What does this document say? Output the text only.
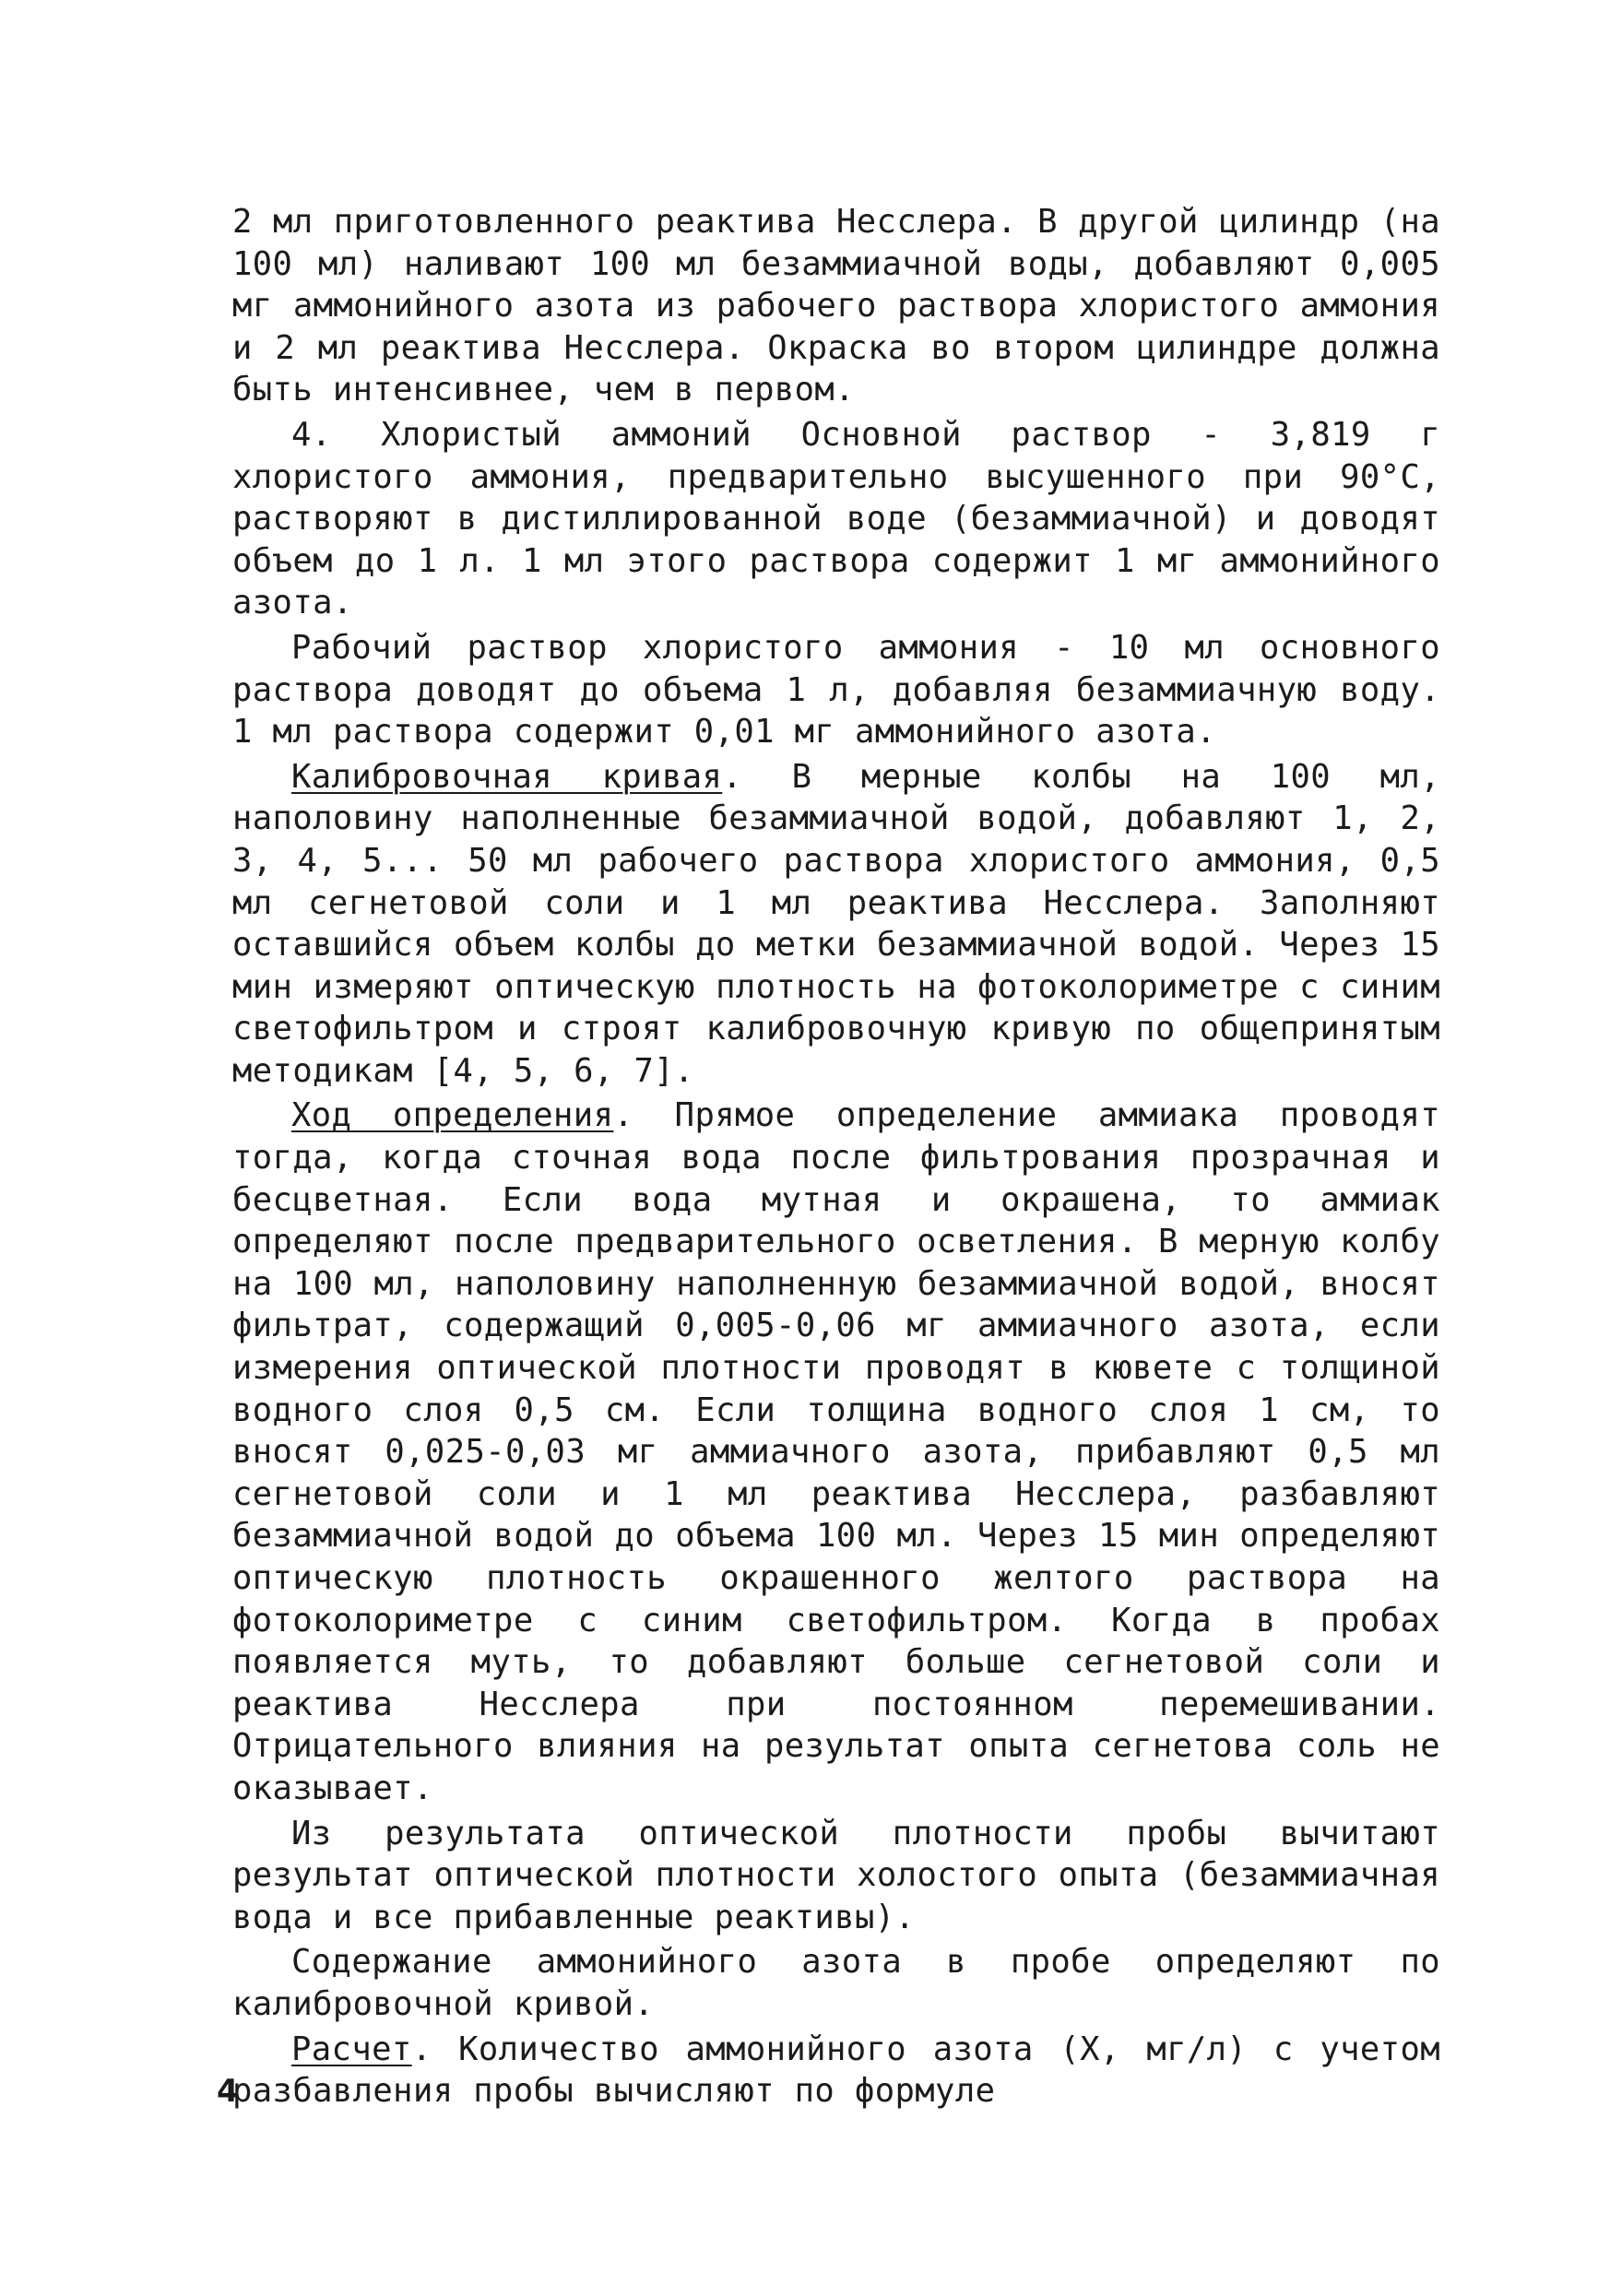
2 мл приготовленного реактива Несслера. В другой цилиндр (на 100 мл) наливают 100 мл безаммиачной воды, добавляют 0,005 мг аммонийного азота из рабочего раствора хлористого аммония и 2 мл реактива Несслера. Окраска во втором цилиндре должна быть интенсивнее, чем в первом.

4. Хлористый аммоний Основной раствор - 3,819 г хлористого аммония, предварительно высушенного при 90°С, растворяют в дистиллированной воде (безаммиачной) и доводят объем до 1 л. 1 мл этого раствора содержит 1 мг аммонийного азота.

Рабочий раствор хлористого аммония - 10 мл основного раствора доводят до объема 1 л, добавляя безаммиачную воду. 1 мл раствора содержит 0,01 мг аммонийного азота.

Калибровочная кривая. В мерные колбы на 100 мл, наполовину наполненные безаммиачной водой, добавляют 1, 2, 3, 4, 5... 50 мл рабочего раствора хлористого аммония, 0,5 мл сегнетовой соли и 1 мл реактива Несслера. Заполняют оставшийся объем колбы до метки безаммиачной водой. Через 15 мин измеряют оптическую плотность на фотоколориметре с синим светофильтром и строят калибровочную кривую по общепринятым методикам [4, 5, 6, 7].

Ход определения. Прямое определение аммиака проводят тогда, когда сточная вода после фильтрования прозрачная и бесцветная. Если вода мутная и окрашена, то аммиак определяют после предварительного осветления. В мерную колбу на 100 мл, наполовину наполненную безаммиачной водой, вносят фильтрат, содержащий 0,005-0,06 мг аммиачного азота, если измерения оптической плотности проводят в кювете с толщиной водного слоя 0,5 см. Если толщина водного слоя 1 см, то вносят 0,025-0,03 мг аммиачного азота, прибавляют 0,5 мл сегнетовой соли и 1 мл реактива Несслера, разбавляют безаммиачной водой до объема 100 мл. Через 15 мин определяют оптическую плотность окрашенного желтого раствора на фотоколориметре с синим светофильтром. Когда в пробах появляется муть, то добавляют больше сегнетовой соли и реактива Несслера при постоянном перемешивании. Отрицательного влияния на результат опыта сегнетова соль не оказывает.

Из результата оптической плотности пробы вычитают результат оптической плотности холостого опыта (безаммиачная вода и все прибавленные реактивы).

Содержание аммонийного азота в пробе определяют по калибровочной кривой.

Расчет. Количество аммонийного азота (Х, мг/л) с учетом разбавления пробы вычисляют по формуле

4
